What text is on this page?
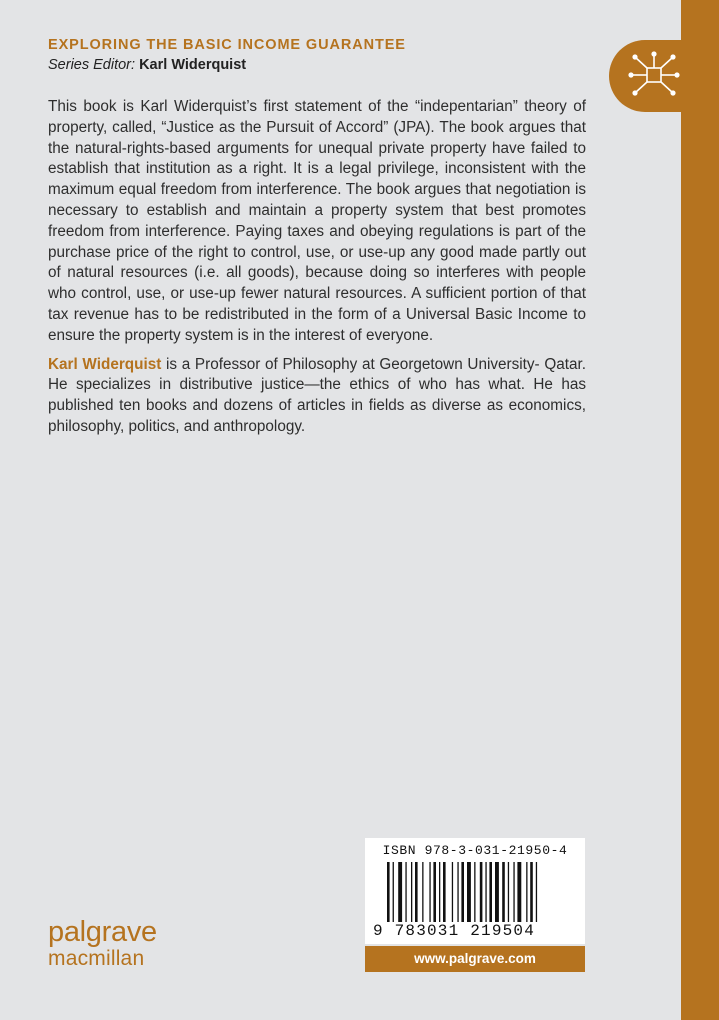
EXPLORING THE BASIC INCOME GUARANTEE
Series Editor: Karl Widerquist

This book is Karl Widerquist’s first statement of the “indepentarian” theory of property, called, “Justice as the Pursuit of Accord” (JPA). The book argues that the natural-rights-based arguments for unequal private property have failed to establish that institution as a right. It is a legal privilege, inconsistent with the maximum equal freedom from interference. The book argues that negotiation is necessary to establish and maintain a property system that best promotes freedom from interference. Paying taxes and obeying regulations is part of the purchase price of the right to control, use, or use-up any good made partly out of natural resources (i.e. all goods), because doing so interferes with people who control, use, or use-up fewer natural resources. A sufficient portion of that tax revenue has to be redistributed in the form of a Universal Basic Income to ensure the property system is in the interest of everyone.

Karl Widerquist is a Professor of Philosophy at Georgetown University- Qatar. He specializes in distributive justice—the ethics of who has what. He has published ten books and dozens of articles in fields as diverse as economics, philosophy, politics, and anthropology.

palgrave
macmillan
ISBN 978-3-031-21950-4
9 783031 219504
www.palgrave.com
